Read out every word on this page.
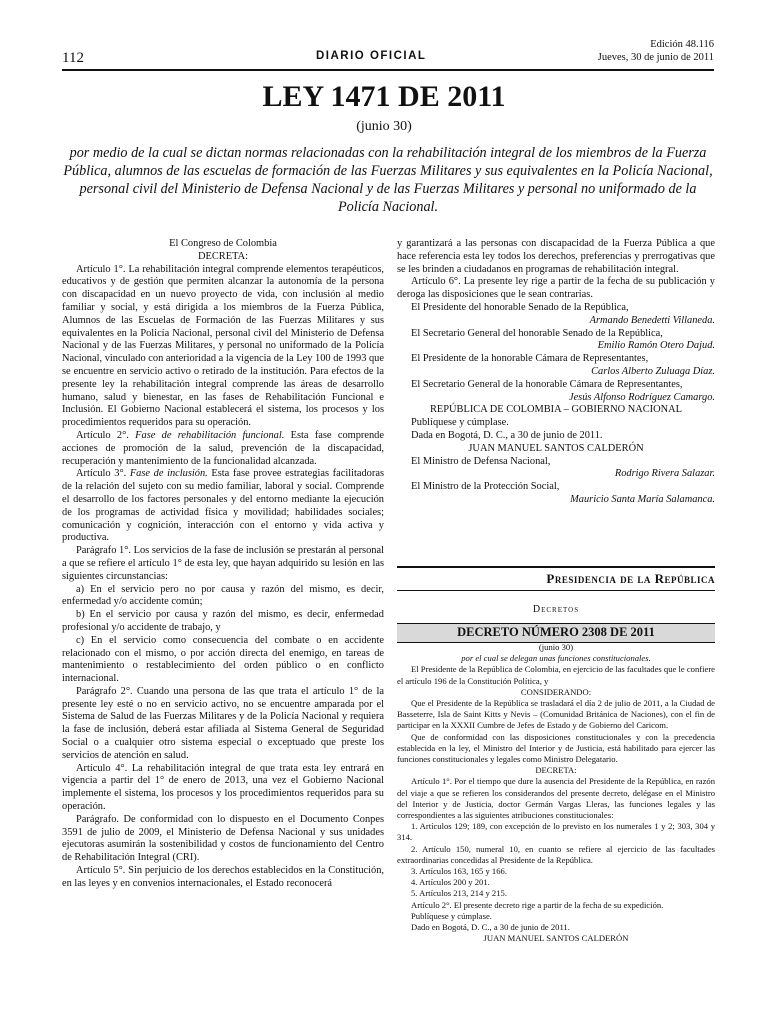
112	DIARIO OFICIAL
Edición 48.116
Jueves, 30 de junio de 2011
LEY 1471 DE 2011
(junio 30)
por medio de la cual se dictan normas relacionadas con la rehabilitación integral de los miembros de la Fuerza Pública, alumnos de las escuelas de formación de las Fuerzas Militares y sus equivalentes en la Policía Nacional, personal civil del Ministerio de Defensa Nacional y de las Fuerzas Militares y personal no uniformado de la Policía Nacional.

El Congreso de Colombia

DECRETA:

Artículo 1°. La rehabilitación integral comprende elementos terapéuticos, educativos y de gestión que permiten alcanzar la autonomía de la persona con discapacidad en un nuevo proyecto de vida, con inclusión al medio familiar y social, y está dirigida a los miembros de la Fuerza Pública, Alumnos de las Escuelas de Formación de las Fuerzas Militares y sus equivalentes en la Policía Nacional, personal civil del Ministerio de Defensa Nacional y de las Fuerzas Militares, y personal no uniformado de la Policía Nacional, vinculado con anterioridad a la vigencia de la Ley 100 de 1993 que se encuentre en servicio activo o retirado de la institución. Para efectos de la presente ley la rehabilitación integral comprende las áreas de desarrollo humano, salud y bienestar, en las fases de Rehabilitación Funcional e Inclusión. El Gobierno Nacional establecerá el sistema, los procesos y los procedimientos requeridos para su operación.

Artículo 2°. Fase de rehabilitación funcional. Esta fase comprende acciones de promoción de la salud, prevención de la discapacidad, recuperación y mantenimiento de la funcionalidad alcanzada.

Artículo 3°. Fase de inclusión. Esta fase provee estrategias facilitadoras de la relación del sujeto con su medio familiar, laboral y social. Comprende el desarrollo de los factores personales y del entorno mediante la ejecución de los programas de actividad física y movilidad; habilidades sociales; comunicación y cognición, interacción con el entorno y vida activa y productiva.

Parágrafo 1°. Los servicios de la fase de inclusión se prestarán al personal a que se refiere el artículo 1° de esta ley, que hayan adquirido su lesión en las siguientes circunstancias:

a) En el servicio pero no por causa y razón del mismo, es decir, enfermedad y/o accidente común;

b) En el servicio por causa y razón del mismo, es decir, enfermedad profesional y/o accidente de trabajo, y

c) En el servicio como consecuencia del combate o en accidente relacionado con el mismo, o por acción directa del enemigo, en tareas de mantenimiento o restablecimiento del orden público o en conflicto internacional.

Parágrafo 2°. Cuando una persona de las que trata el artículo 1° de la presente ley esté o no en servicio activo, no se encuentre amparada por el Sistema de Salud de las Fuerzas Militares y de la Policía Nacional y requiera la fase de inclusión, deberá estar afiliada al Sistema General de Seguridad Social o a cualquier otro sistema especial o exceptuado que preste los servicios de atención en salud.

Artículo 4°. La rehabilitación integral de que trata esta ley entrará en vigencia a partir del 1° de enero de 2013, una vez el Gobierno Nacional implemente el sistema, los procesos y los procedimientos requeridos para su operación.

Parágrafo. De conformidad con lo dispuesto en el Documento Conpes 3591 de julio de 2009, el Ministerio de Defensa Nacional y sus unidades ejecutoras asumirán la sostenibilidad y costos de funcionamiento del Centro de Rehabilitación Integral (CRI).

Artículo 5°. Sin perjuicio de los derechos establecidos en la Constitución, en las leyes y en convenios internacionales, el Estado reconocerá

y garantizará a las personas con discapacidad de la Fuerza Pública a que hace referencia esta ley todos los derechos, preferencias y prerrogativas que se les brinden a ciudadanos en programas de rehabilitación integral.

Artículo 6°. La presente ley rige a partir de la fecha de su publicación y deroga las disposiciones que le sean contrarias.

El Presidente del honorable Senado de la República,

Armando Benedetti Villaneda.

El Secretario General del honorable Senado de la República,

Emilio Ramón Otero Dajud.

El Presidente de la honorable Cámara de Representantes,

Carlos Alberto Zuluaga Díaz.

El Secretario General de la honorable Cámara de Representantes,

Jesús Alfonso Rodríguez Camargo.

REPÚBLICA DE COLOMBIA – GOBIERNO NACIONAL

Publíquese y cúmplase.

Dada en Bogotá, D. C., a 30 de junio de 2011.

JUAN MANUEL SANTOS CALDERÓN

El Ministro de Defensa Nacional,

Rodrigo Rivera Salazar.

El Ministro de la Protección Social,

Mauricio Santa María Salamanca.

Presidencia de la República
Decretos
DECRETO NÚMERO 2308 DE 2011

(junio 30)

por el cual se delegan unas funciones constitucionales.

El Presidente de la República de Colombia, en ejercicio de las facultades que le confiere el artículo 196 de la Constitución Política, y

CONSIDERANDO:

Que el Presidente de la República se trasladará el día 2 de julio de 2011, a la Ciudad de Basseterre, Isla de Saint Kitts y Nevis – (Comunidad Británica de Naciones), con el fin de participar en la XXXII Cumbre de Jefes de Estado y de Gobierno del Caricom.

Que de conformidad con las disposiciones constitucionales y con la precedencia establecida en la ley, el Ministro del Interior y de Justicia, está habilitado para ejercer las funciones constitucionales y legales como Ministro Delegatario.

DECRETA:

Artículo 1°. Por el tiempo que dure la ausencia del Presidente de la República, en razón del viaje a que se refieren los considerandos del presente decreto, delégase en el Ministro del Interior y de Justicia, doctor Germán Vargas Lleras, las funciones legales y las correspondientes a las siguientes atribuciones constitucionales:

1. Artículos 129; 189, con excepción de lo previsto en los numerales 1 y 2; 303, 304 y 314.

2. Artículo 150, numeral 10, en cuanto se refiere al ejercicio de las facultades extraordinarias concedidas al Presidente de la República.

3. Artículos 163, 165 y 166.

4. Artículos 200 y 201.

5. Artículos 213, 214 y 215.

Artículo 2°. El presente decreto rige a partir de la fecha de su expedición.

Publíquese y cúmplase.

Dado en Bogotá, D. C., a 30 de junio de 2011.

JUAN MANUEL SANTOS CALDERÓN
